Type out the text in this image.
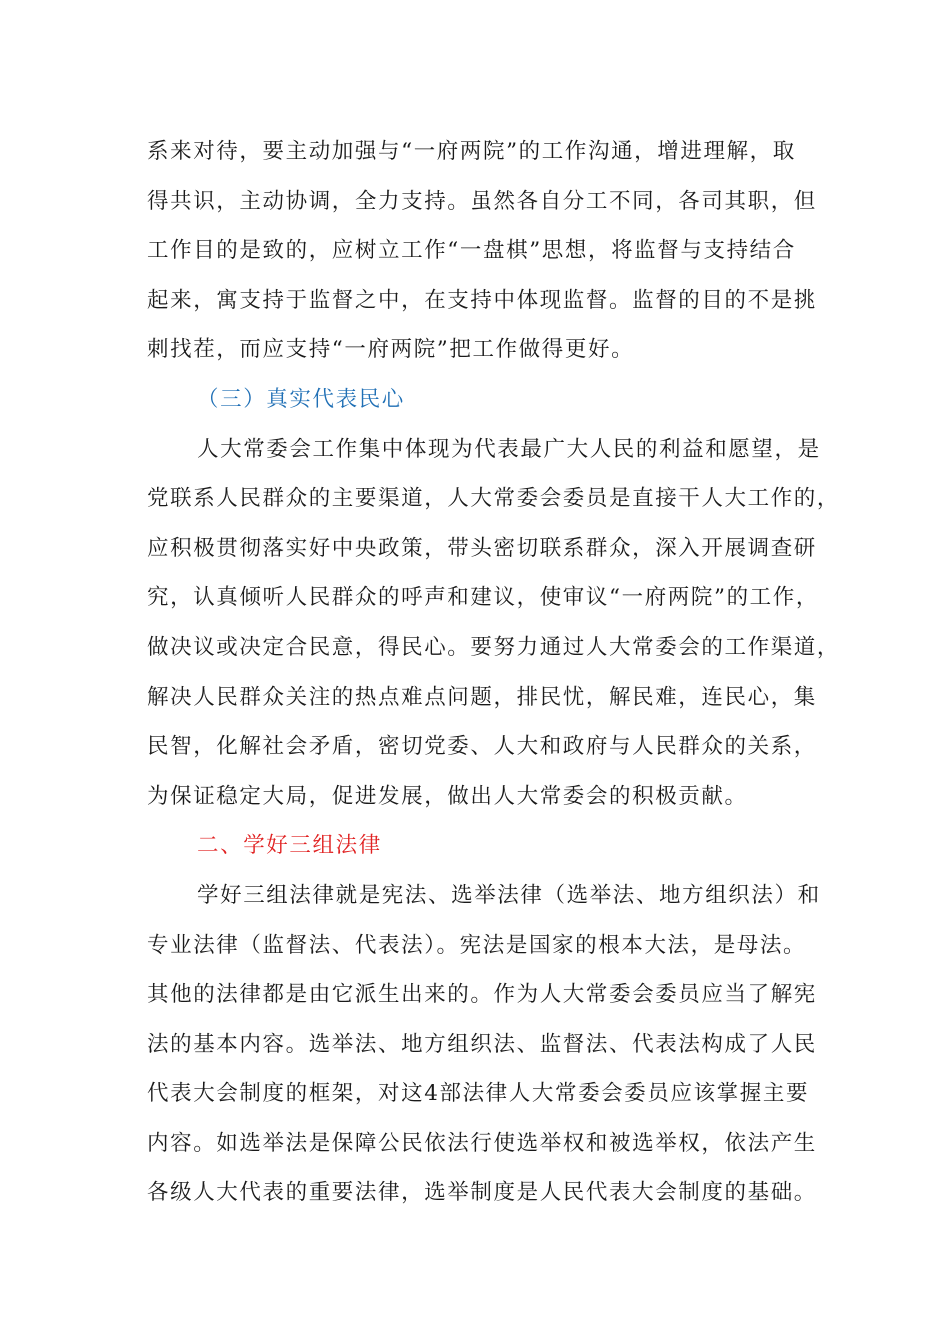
系来对待，要主动加强与“一府两院”的工作沟通，增进理解，取
得共识，主动协调，全力支持。虽然各自分工不同，各司其职，但
工作目的是致的，应树立工作“一盘棋”思想，将监督与支持结合
起来，寓支持于监督之中，在支持中体现监督。监督的目的不是挑
刺找茬，而应支持“一府两院”把工作做得更好。
（三）真实代表民心
人大常委会工作集中体现为代表最广大人民的利益和愿望，是
党联系人民群众的主要渠道，人大常委会委员是直接干人大工作的，
应积极贯彻落实好中央政策，带头密切联系群众，深入开展调查研
究，认真倾听人民群众的呼声和建议，使审议“一府两院”的工作，
做决议或决定合民意，得民心。要努力通过人大常委会的工作渠道，
解决人民群众关注的热点难点问题，排民忧，解民难，连民心，集
民智，化解社会矛盾，密切党委、人大和政府与人民群众的关系，
为保证稳定大局，促进发展，做出人大常委会的积极贡献。
二、学好三组法律
学好三组法律就是宪法、选举法律（选举法、地方组织法）和
专业法律（监督法、代表法）。宪法是国家的根本大法，是母法。
其他的法律都是由它派生出来的。作为人大常委会委员应当了解宪
法的基本内容。选举法、地方组织法、监督法、代表法构成了人民
代表大会制度的框架，对这4部法律人大常委会委员应该掌握主要
内容。如选举法是保障公民依法行使选举权和被选举权，依法产生
各级人大代表的重要法律，选举制度是人民代表大会制度的基础。
